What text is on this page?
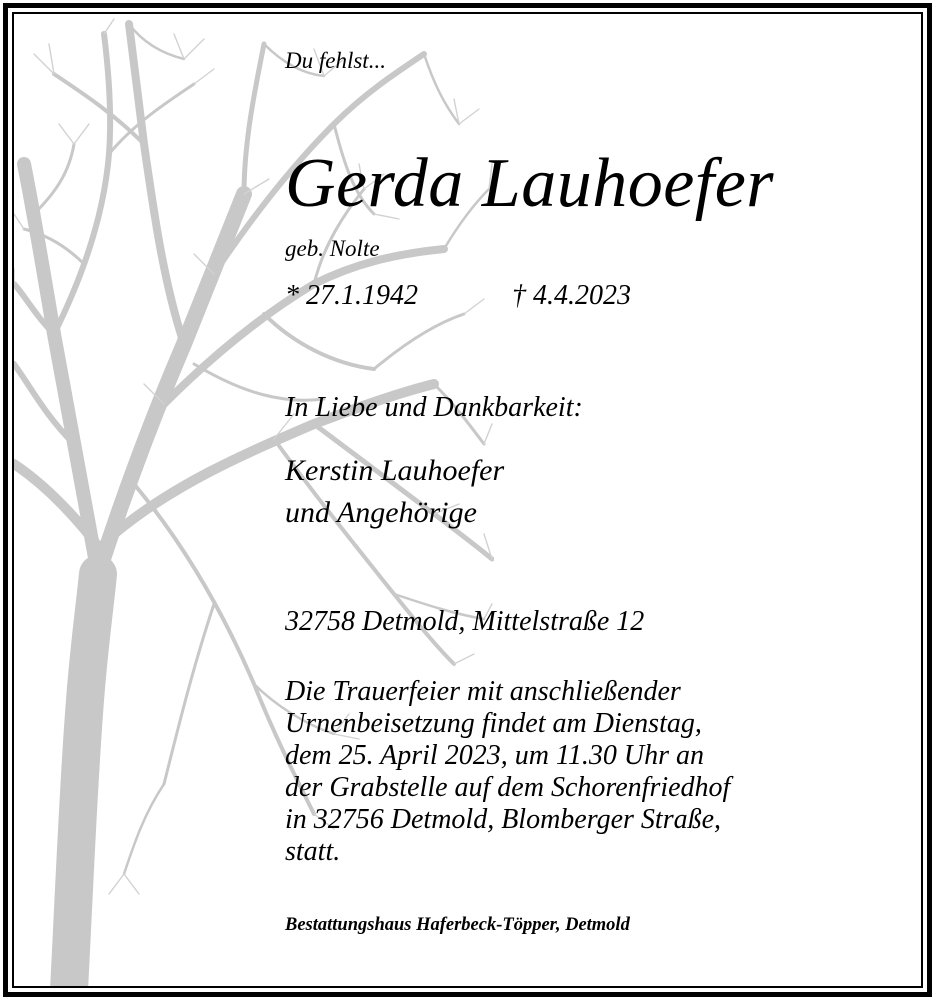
Du fehlst...
Gerda Lauhoefer
geb. Nolte
* 27.1.1942	† 4.4.2023
In Liebe und Dankbarkeit:
Kerstin Lauhoefer
und Angehörige
32758 Detmold, Mittelstraße 12
Die Trauerfeier mit anschließender
Urnenbeisetzung findet am Dienstag,
dem 25. April 2023, um 11.30 Uhr an
der Grabstelle auf dem Schorenfriedhof
in 32756 Detmold, Blomberger Straße,
statt.
Bestattungshaus Haferbeck-Töpper, Detmold
